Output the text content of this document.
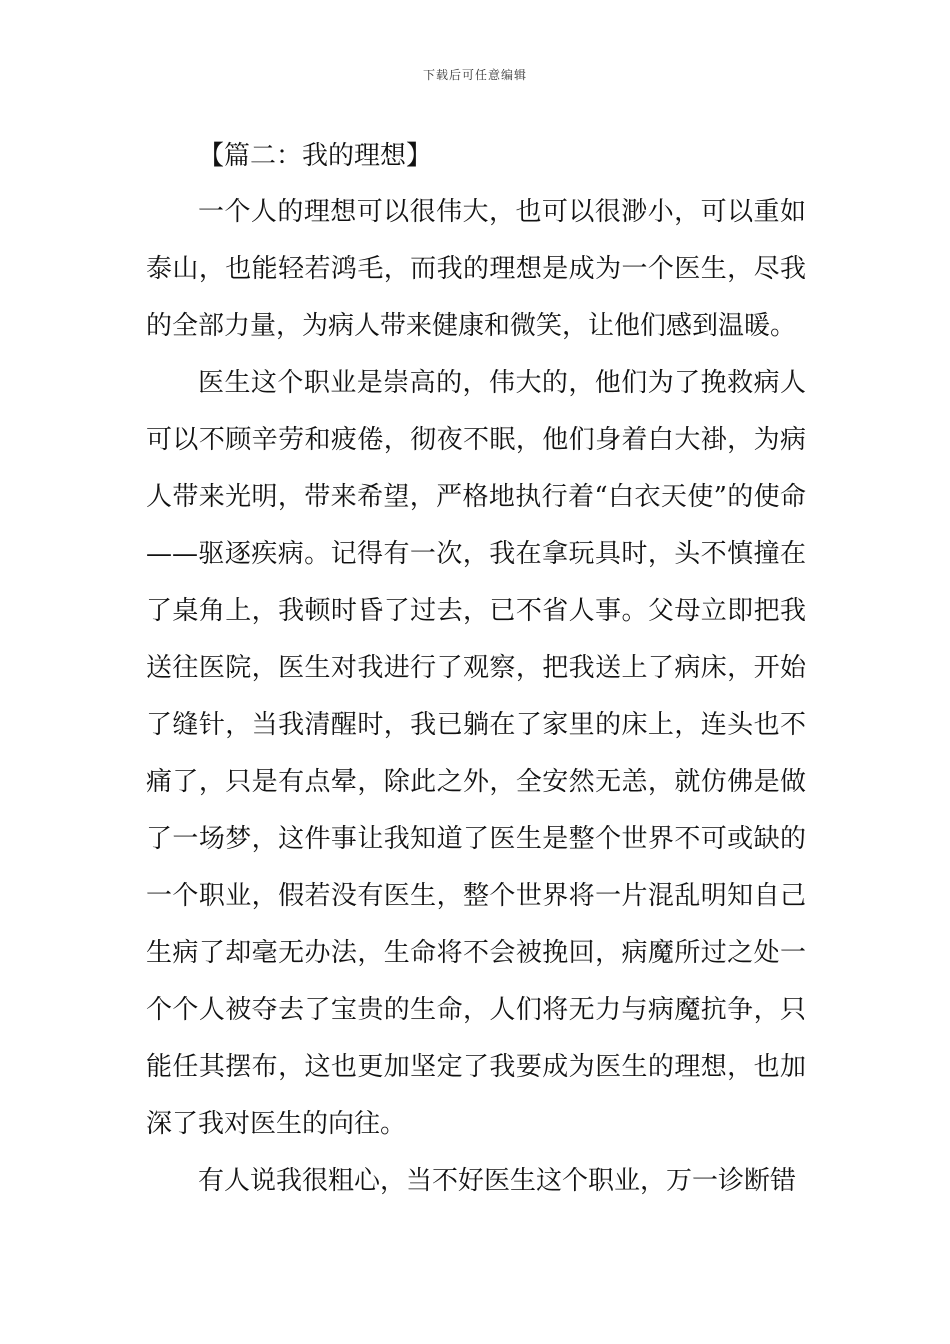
下载后可任意编辑
【篇二：我的理想】

一个人的理想可以很伟大，也可以很渺小，可以重如泰山，也能轻若鸿毛，而我的理想是成为一个医生，尽我的全部力量，为病人带来健康和微笑，让他们感到温暖。

医生这个职业是崇高的，伟大的，他们为了挽救病人可以不顾辛劳和疲倦，彻夜不眠，他们身着白大褂，为病人带来光明，带来希望，严格地执行着“白衣天使”的使命——驱逐疾病。记得有一次，我在拿玩具时，头不慎撞在了桌角上，我顿时昏了过去，已不省人事。父母立即把我送往医院，医生对我进行了观察，把我送上了病床，开始了缝针，当我清醒时，我已躺在了家里的床上，连头也不痛了，只是有点晕，除此之外，全安然无恙，就仿佛是做了一场梦，这件事让我知道了医生是整个世界不可或缺的一个职业，假若没有医生，整个世界将一片混乱明知自己生病了却毫无办法，生命将不会被挽回，病魔所过之处一个个人被夺去了宝贵的生命，人们将无力与病魔抗争，只能任其摆布，这也更加坚定了我要成为医生的理想，也加深了我对医生的向往。

有人说我很粗心，当不好医生这个职业，万一诊断错
